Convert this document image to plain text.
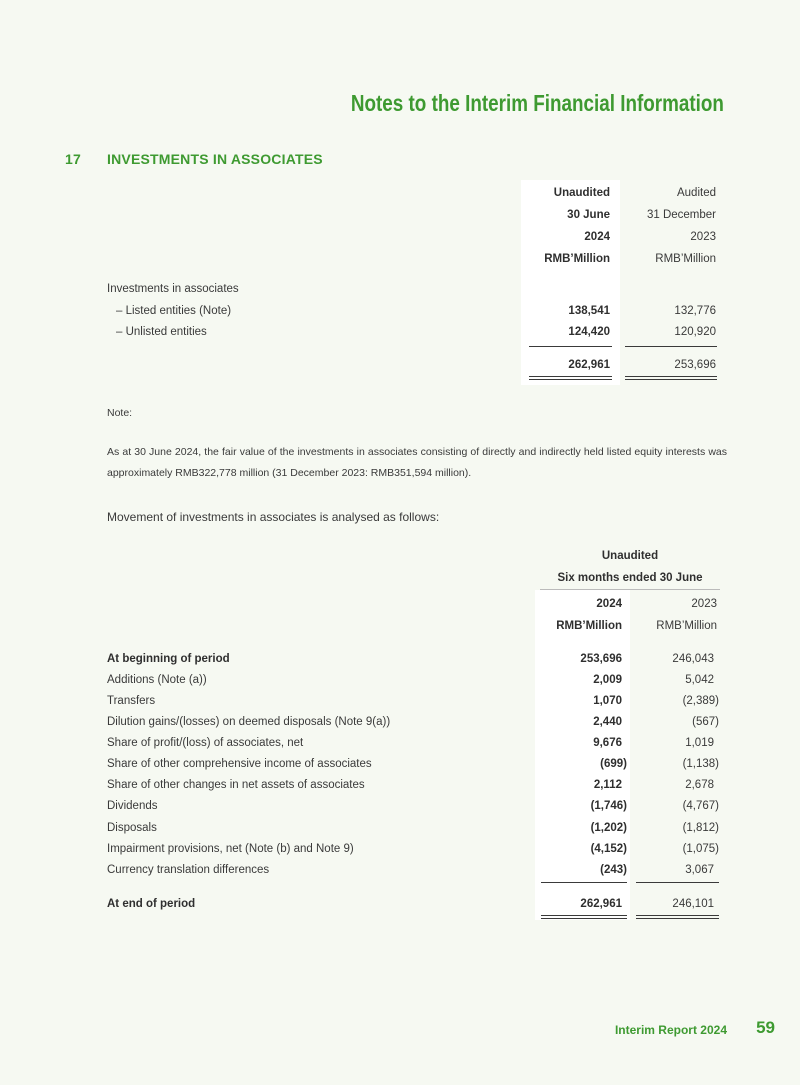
Notes to the Interim Financial Information
17 INVESTMENTS IN ASSOCIATES
Unaudited	Audited
30 June	31 December
2024	2023
RMB’Million	RMB’Million
Investments in associates
– Listed entities (Note)	138,541	132,776
– Unlisted entities	124,420	120,920
262,961	253,696
Note:
As at 30 June 2024, the fair value of the investments in associates consisting of directly and indirectly held listed equity interests was approximately RMB322,778 million (31 December 2023: RMB351,594 million).
Movement of investments in associates is analysed as follows:
Unaudited
Six months ended 30 June
2024	2023
RMB’Million	RMB’Million
At beginning of period	253,696	246,043
Additions (Note (a))	2,009	5,042
Transfers	1,070	(2,389)
Dilution gains/(losses) on deemed disposals (Note 9(a))	2,440	(567)
Share of profit/(loss) of associates, net	9,676	1,019
Share of other comprehensive income of associates	(699)	(1,138)
Share of other changes in net assets of associates	2,112	2,678
Dividends	(1,746)	(4,767)
Disposals	(1,202)	(1,812)
Impairment provisions, net (Note (b) and Note 9)	(4,152)	(1,075)
Currency translation differences	(243)	3,067
At end of period	262,961	246,101
Interim Report 2024 59
